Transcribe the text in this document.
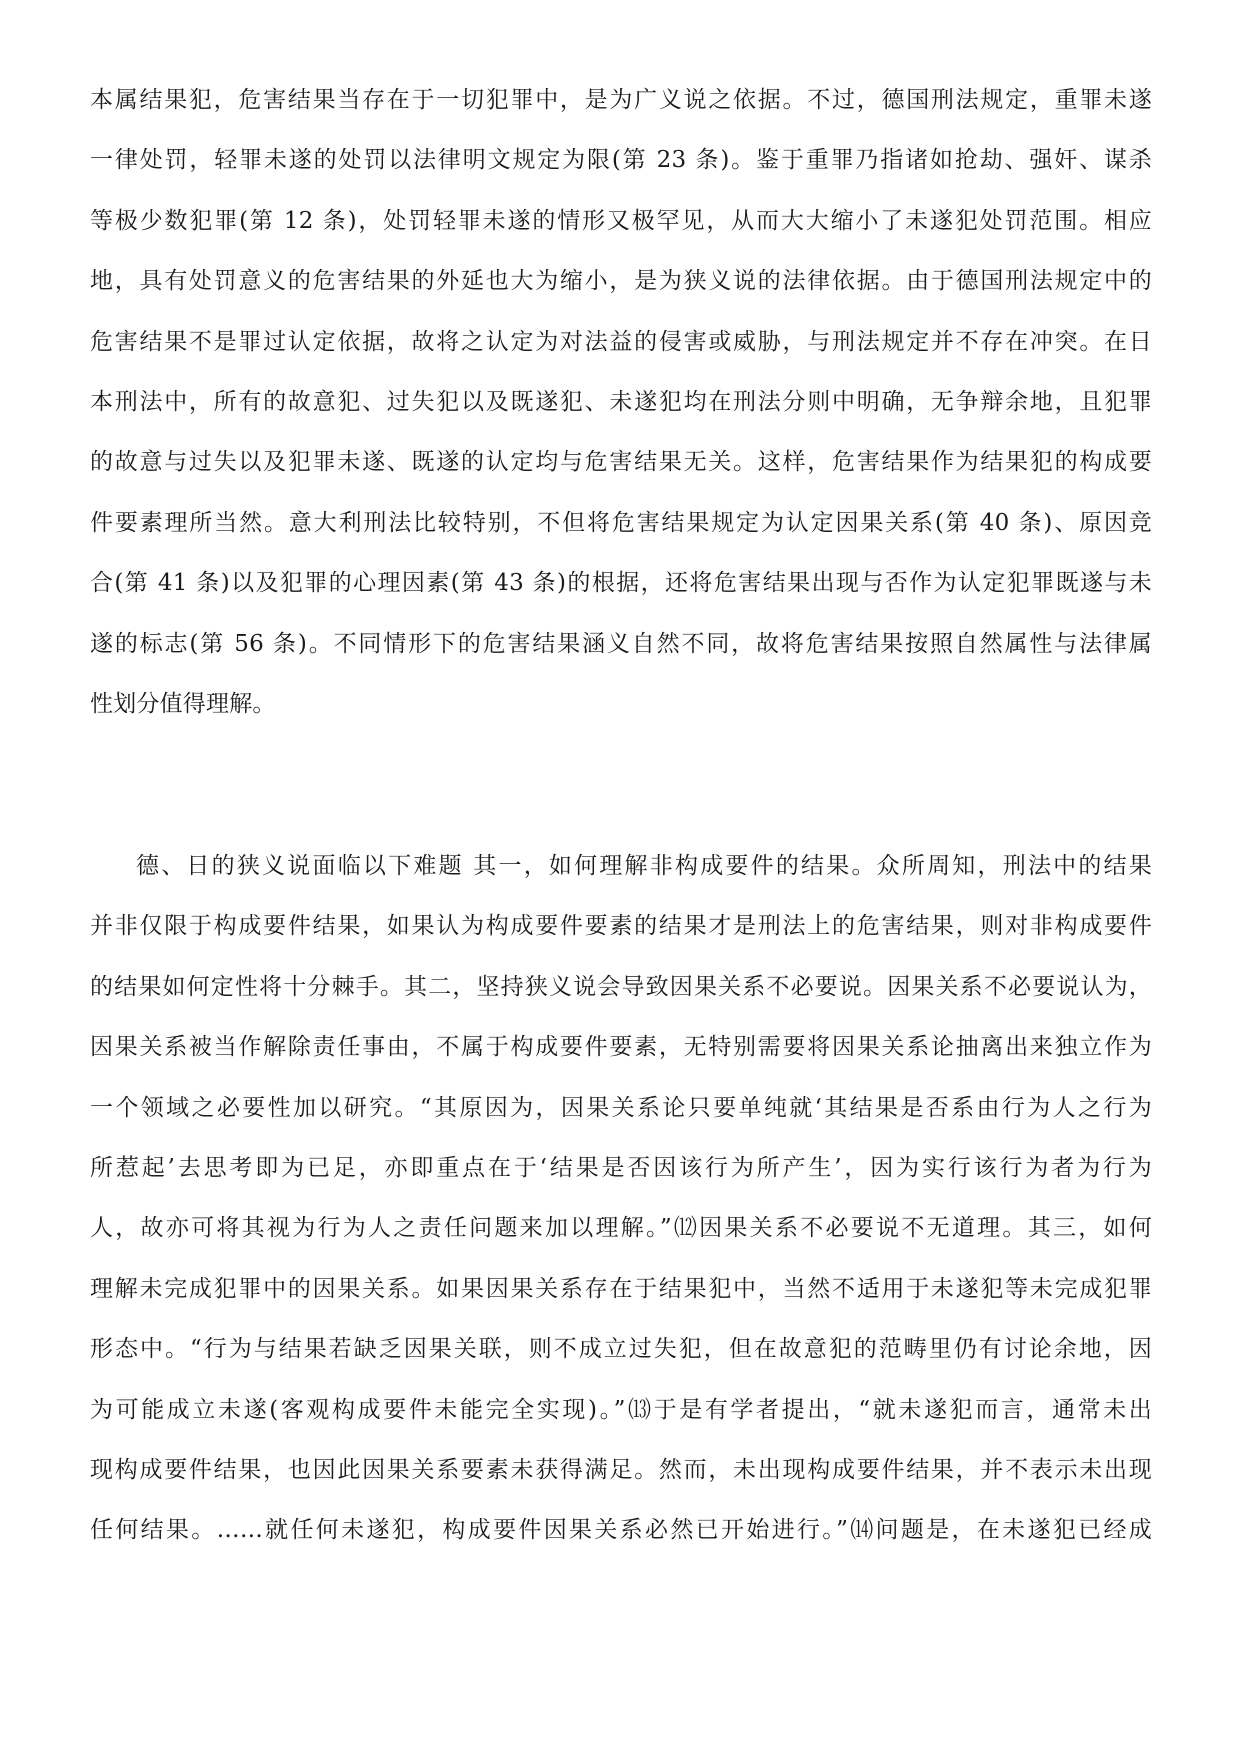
本属结果犯，危害结果当存在于一切犯罪中，是为广义说之依据。不过，德国刑法规定，重罪未遂
一律处罚，轻罪未遂的处罚以法律明文规定为限(第 23 条)。鉴于重罪乃指诸如抢劫、强奸、谋杀
等极少数犯罪(第 12 条)，处罚轻罪未遂的情形又极罕见，从而大大缩小了未遂犯处罚范围。相应
地，具有处罚意义的危害结果的外延也大为缩小，是为狭义说的法律依据。由于德国刑法规定中的
危害结果不是罪过认定依据，故将之认定为对法益的侵害或威胁，与刑法规定并不存在冲突。在日
本刑法中，所有的故意犯、过失犯以及既遂犯、未遂犯均在刑法分则中明确，无争辩余地，且犯罪
的故意与过失以及犯罪未遂、既遂的认定均与危害结果无关。这样，危害结果作为结果犯的构成要
件要素理所当然。意大利刑法比较特别，不但将危害结果规定为认定因果关系(第 40 条)、原因竞
合(第 41 条)以及犯罪的心理因素(第 43 条)的根据，还将危害结果出现与否作为认定犯罪既遂与未
遂的标志(第 56 条)。不同情形下的危害结果涵义自然不同，故将危害结果按照自然属性与法律属
性划分值得理解。
德、日的狭义说面临以下难题 其一，如何理解非构成要件的结果。众所周知，刑法中的结果
并非仅限于构成要件结果，如果认为构成要件要素的结果才是刑法上的危害结果，则对非构成要件
的结果如何定性将十分棘手。其二，坚持狭义说会导致因果关系不必要说。因果关系不必要说认为，
因果关系被当作解除责任事由，不属于构成要件要素，无特别需要将因果关系论抽离出来独立作为
一个领域之必要性加以研究。“其原因为，因果关系论只要单纯就‘其结果是否系由行为人之行为
所惹起’去思考即为已足，亦即重点在于‘结果是否因该行为所产生’，因为实行该行为者为行为
人，故亦可将其视为行为人之责任问题来加以理解。”⑿因果关系不必要说不无道理。其三，如何
理解未完成犯罪中的因果关系。如果因果关系存在于结果犯中，当然不适用于未遂犯等未完成犯罪
形态中。“行为与结果若缺乏因果关联，则不成立过失犯，但在故意犯的范畴里仍有讨论余地，因
为可能成立未遂(客观构成要件未能完全实现)。”⒀于是有学者提出，“就未遂犯而言，通常未出
现构成要件结果，也因此因果关系要素未获得满足。然而，未出现构成要件结果，并不表示未出现
任何结果。……就任何未遂犯，构成要件因果关系必然已开始进行。”⒁问题是，在未遂犯已经成
